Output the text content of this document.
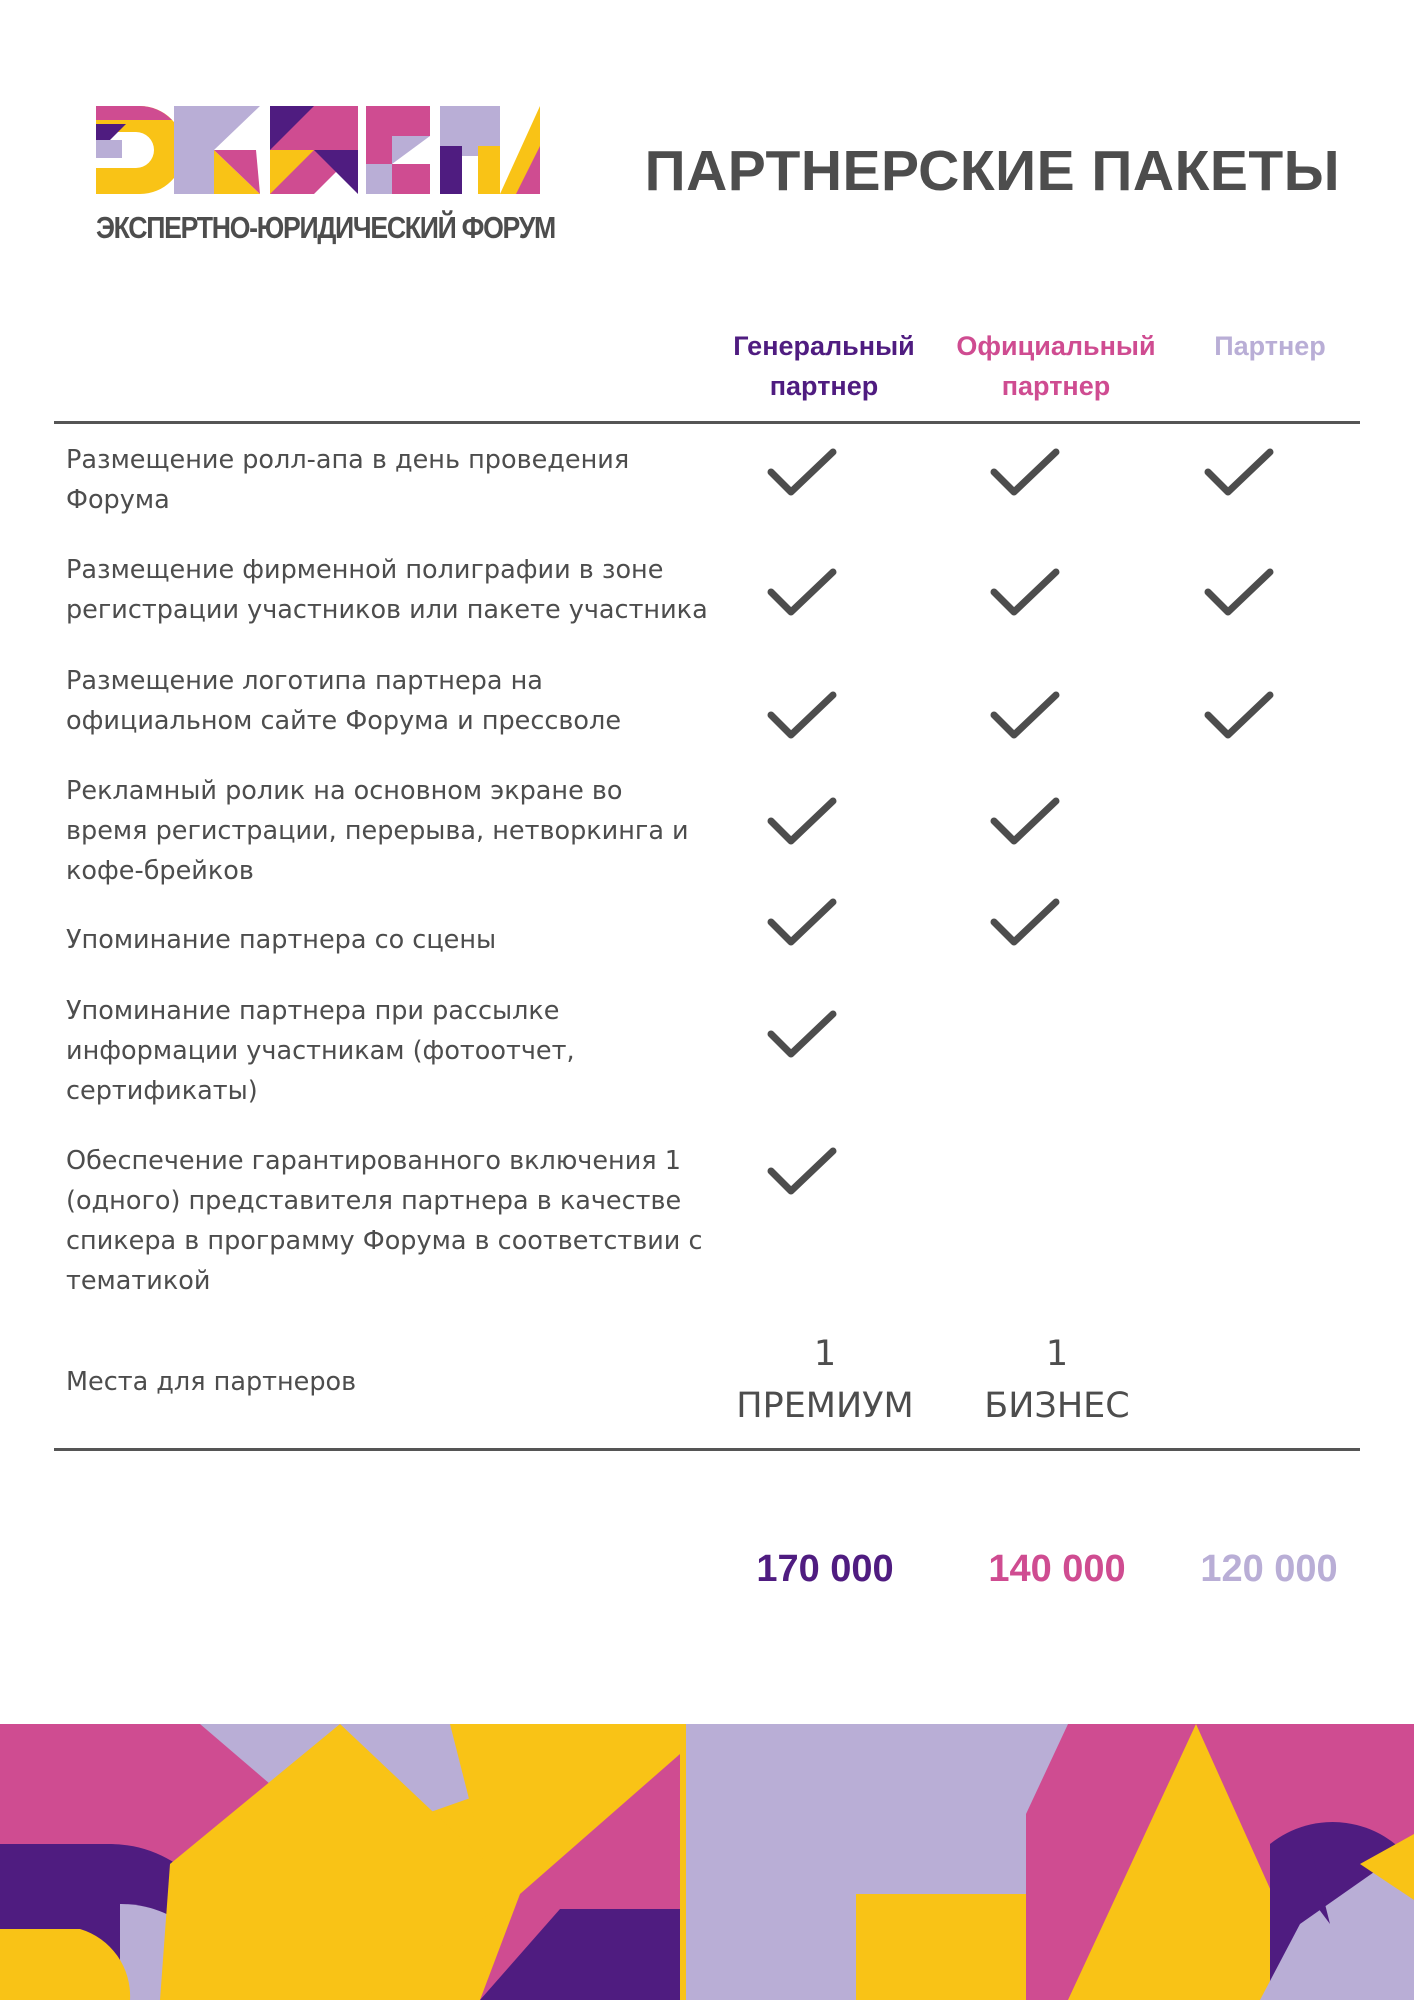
ЭКСПЕРТНО-ЮРИДИЧЕСКИЙ ФОРУМ
ПАРТНЕРСКИЕ ПАКЕТЫ
Генеральный
партнер
Официальный
партнер
Партнер
Размещение ролл-апа в день проведения Форума
Размещение фирменной полиграфии в зоне регистрации участников или пакете участника
Размещение логотипа партнера на официальном сайте Форума и прессволе
Рекламный ролик на основном экране во время регистрации, перерыва, нетворкинга и кофе-брейков
Упоминание партнера со сцены
Упоминание партнера при рассылке информации участникам (фотоотчет, сертификаты)
Обеспечение гарантированного включения 1 (одного) представителя партнера в качестве спикера в программу Форума в соответствии с тематикой
Места для партнеров
1
ПРЕМИУМ
1
БИЗНЕС
170 000	140 000	120 000
